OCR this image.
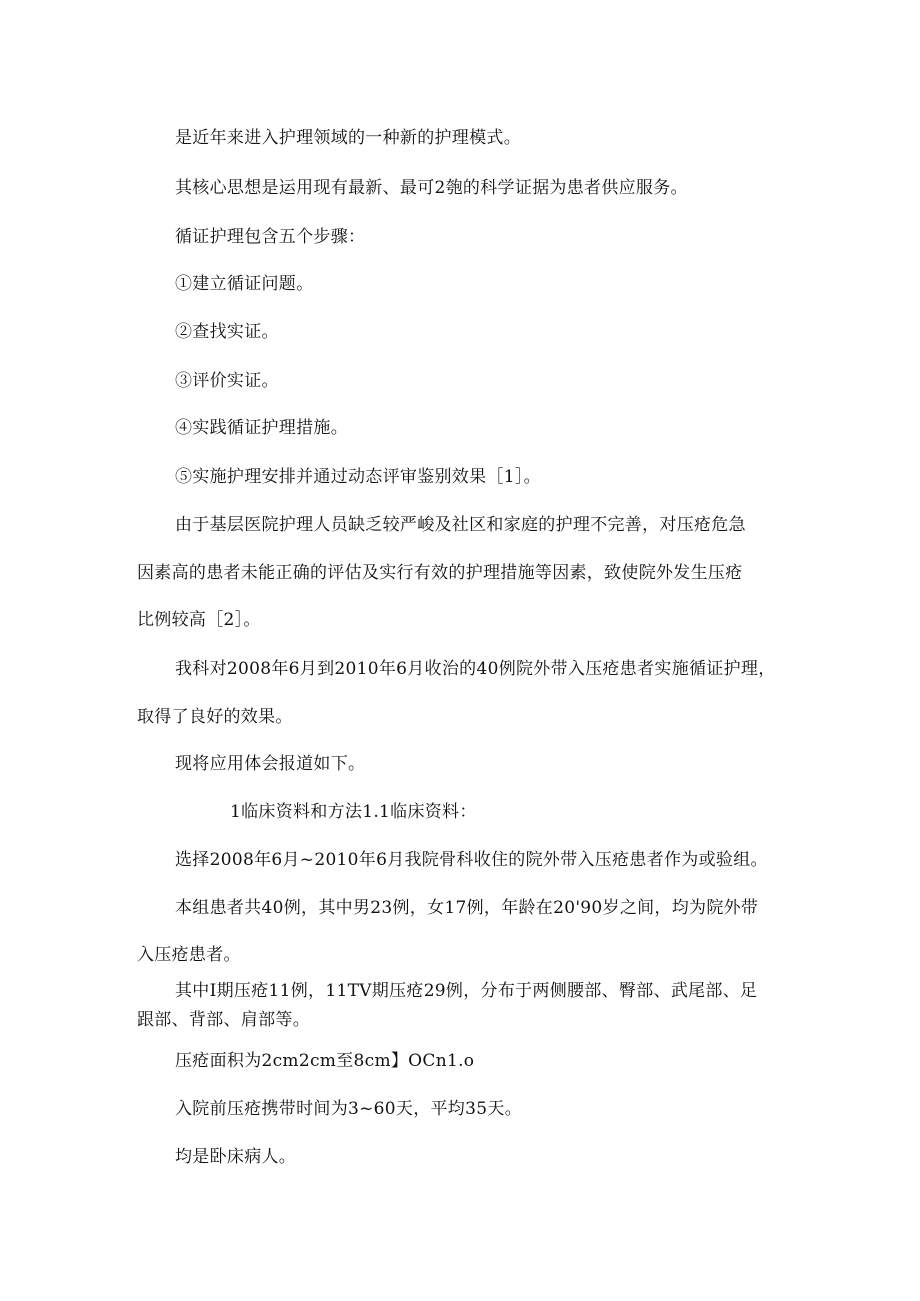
是近年来进入护理领域的一种新的护理模式。
其核心思想是运用现有最新、最可2匏的科学证据为患者供应服务。
循证护理包含五个步骤：
①建立循证问题。
②查找实证。
③评价实证。
④实践循证护理措施。
⑤实施护理安排并通过动态评审鉴别效果［1］。
由于基层医院护理人员缺乏较严峻及社区和家庭的护理不完善，对压疮危急
因素高的患者未能正确的评估及实行有效的护理措施等因素，致使院外发生压疮
比例较高［2］。
我科对2008年6月到2010年6月收治的40例院外带入压疮患者实施循证护理，
取得了良好的效果。
现将应用体会报道如下。
1临床资料和方法1.1临床资料：
选择2008年6月~2010年6月我院骨科收住的院外带入压疮患者作为或验组。
本组患者共40例，其中男23例，女17例，年龄在20'90岁之间，均为院外带
入压疮患者。
其中I期压疮11例，11TV期压疮29例，分布于两侧腰部、臀部、武尾部、足
跟部、背部、肩部等。
压疮面积为2cm2cm至8cm】OCn1.o
入院前压疮携带时间为3~60天，平均35天。
均是卧床病人。
